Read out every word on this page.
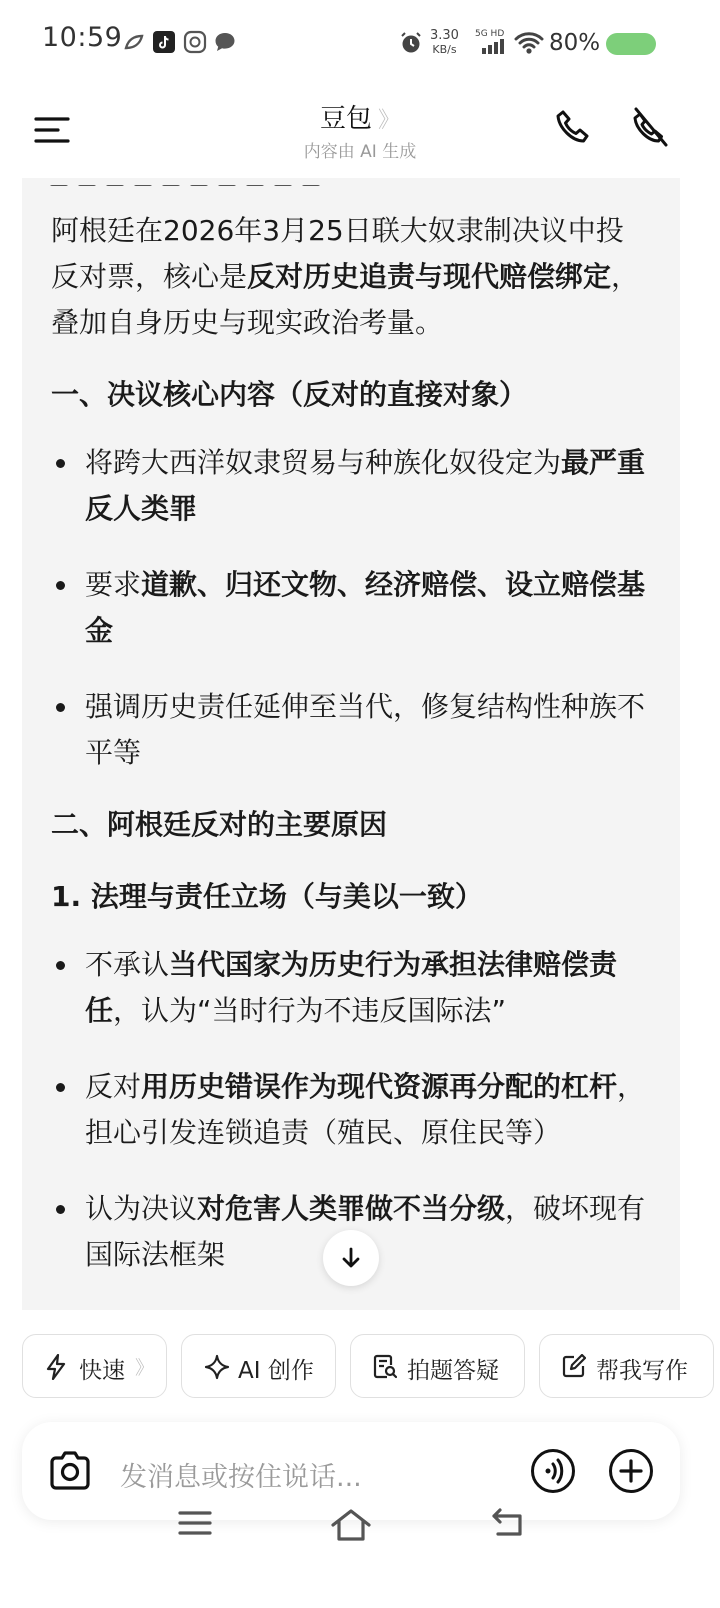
10:59	3.30
KB/s
5G HD 80%
豆包 》
内容由 AI 生成

阿根廷在2026年3月25日联大奴隶制决议中投反对票，核心是反对历史追责与现代赔偿绑定，叠加自身历史与现实政治考量。

一、决议核心内容（反对的直接对象）

将跨大西洋奴隶贸易与种族化奴役定为最严重反人类罪

要求道歉、归还文物、经济赔偿、设立赔偿基金

强调历史责任延伸至当代，修复结构性种族不平等

二、阿根廷反对的主要原因

1. 法理与责任立场（与美以一致）

不承认当代国家为历史行为承担法律赔偿责任，认为“当时行为不违反国际法”

反对用历史错误作为现代资源再分配的杠杆，担心引发连锁追责（殖民、原住民等）

认为决议对危害人类罪做不当分级，破坏现有国际法框架

快速 》	AI 创作	拍题答疑	帮我写作
发消息或按住说话...
